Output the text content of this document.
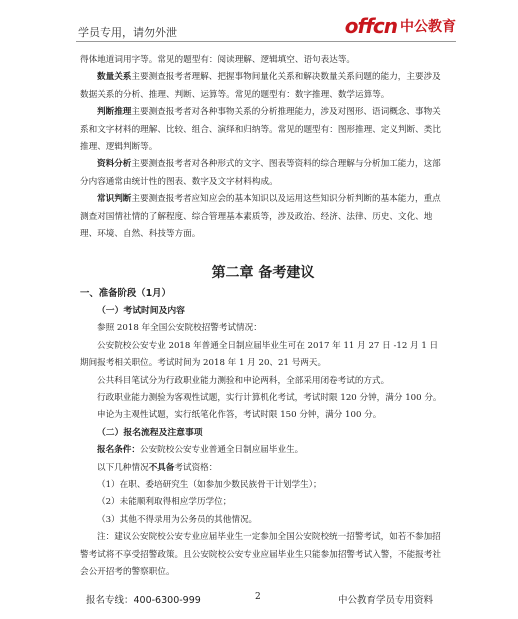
学员专用，请勿外泄	offcn 中公教育

得体地道词用字等。常见的题型有：阅读理解、逻辑填空、语句表达等。

数量关系主要测查报考者理解、把握事物间量化关系和解决数量关系问题的能力，主要涉及数据关系的分析、推理、判断、运算等。常见的题型有：数字推理、数学运算等。

判断推理主要测查报考者对各种事物关系的分析推理能力，涉及对图形、语词概念、事物关系和文字材料的理解、比较、组合、演绎和归纳等。常见的题型有：图形推理、定义判断、类比推理、逻辑判断等。

资料分析主要测查报考者对各种形式的文字、图表等资料的综合理解与分析加工能力，这部分内容通常由统计性的图表、数字及文字材料构成。

常识判断主要测查报考者应知应会的基本知识以及运用这些知识分析判断的基本能力，重点测查对国情社情的了解程度、综合管理基本素质等，涉及政治、经济、法律、历史、文化、地理、环境、自然、科技等方面。

第二章 备考建议

一、准备阶段（1月）

（一）考试时间及内容

参照 2018 年全国公安院校招警考试情况：

公安院校公安专业 2018 年普通全日制应届毕业生可在 2017 年 11 月 27 日 -12 月 1 日期间报考相关职位。考试时间为 2018 年 1 月 20、21 号两天。

公共科目笔试分为行政职业能力测验和申论两科，全部采用闭卷考试的方式。

行政职业能力测验为客观性试题，实行计算机化考试，考试时限 120 分钟，满分 100 分。

申论为主观性试题，实行纸笔化作答，考试时限 150 分钟，满分 100 分。

（二）报名流程及注意事项

报名条件：公安院校公安专业普通全日制应届毕业生。

以下几种情况不具备考试资格：

（1）在职、委培研究生（如参加少数民族骨干计划学生）；

（2）未能顺利取得相应学历学位；

（3）其他不得录用为公务员的其他情况。

注：建议公安院校公安专业应届毕业生一定参加全国公安院校统一招警考试，如若不参加招警考试将不享受招警政策。且公安院校公安专业应届毕业生只能参加招警考试入警，不能报考社会公开招考的警察职位。

报名专线：400-6300-999	2	中公教育学员专用资料
